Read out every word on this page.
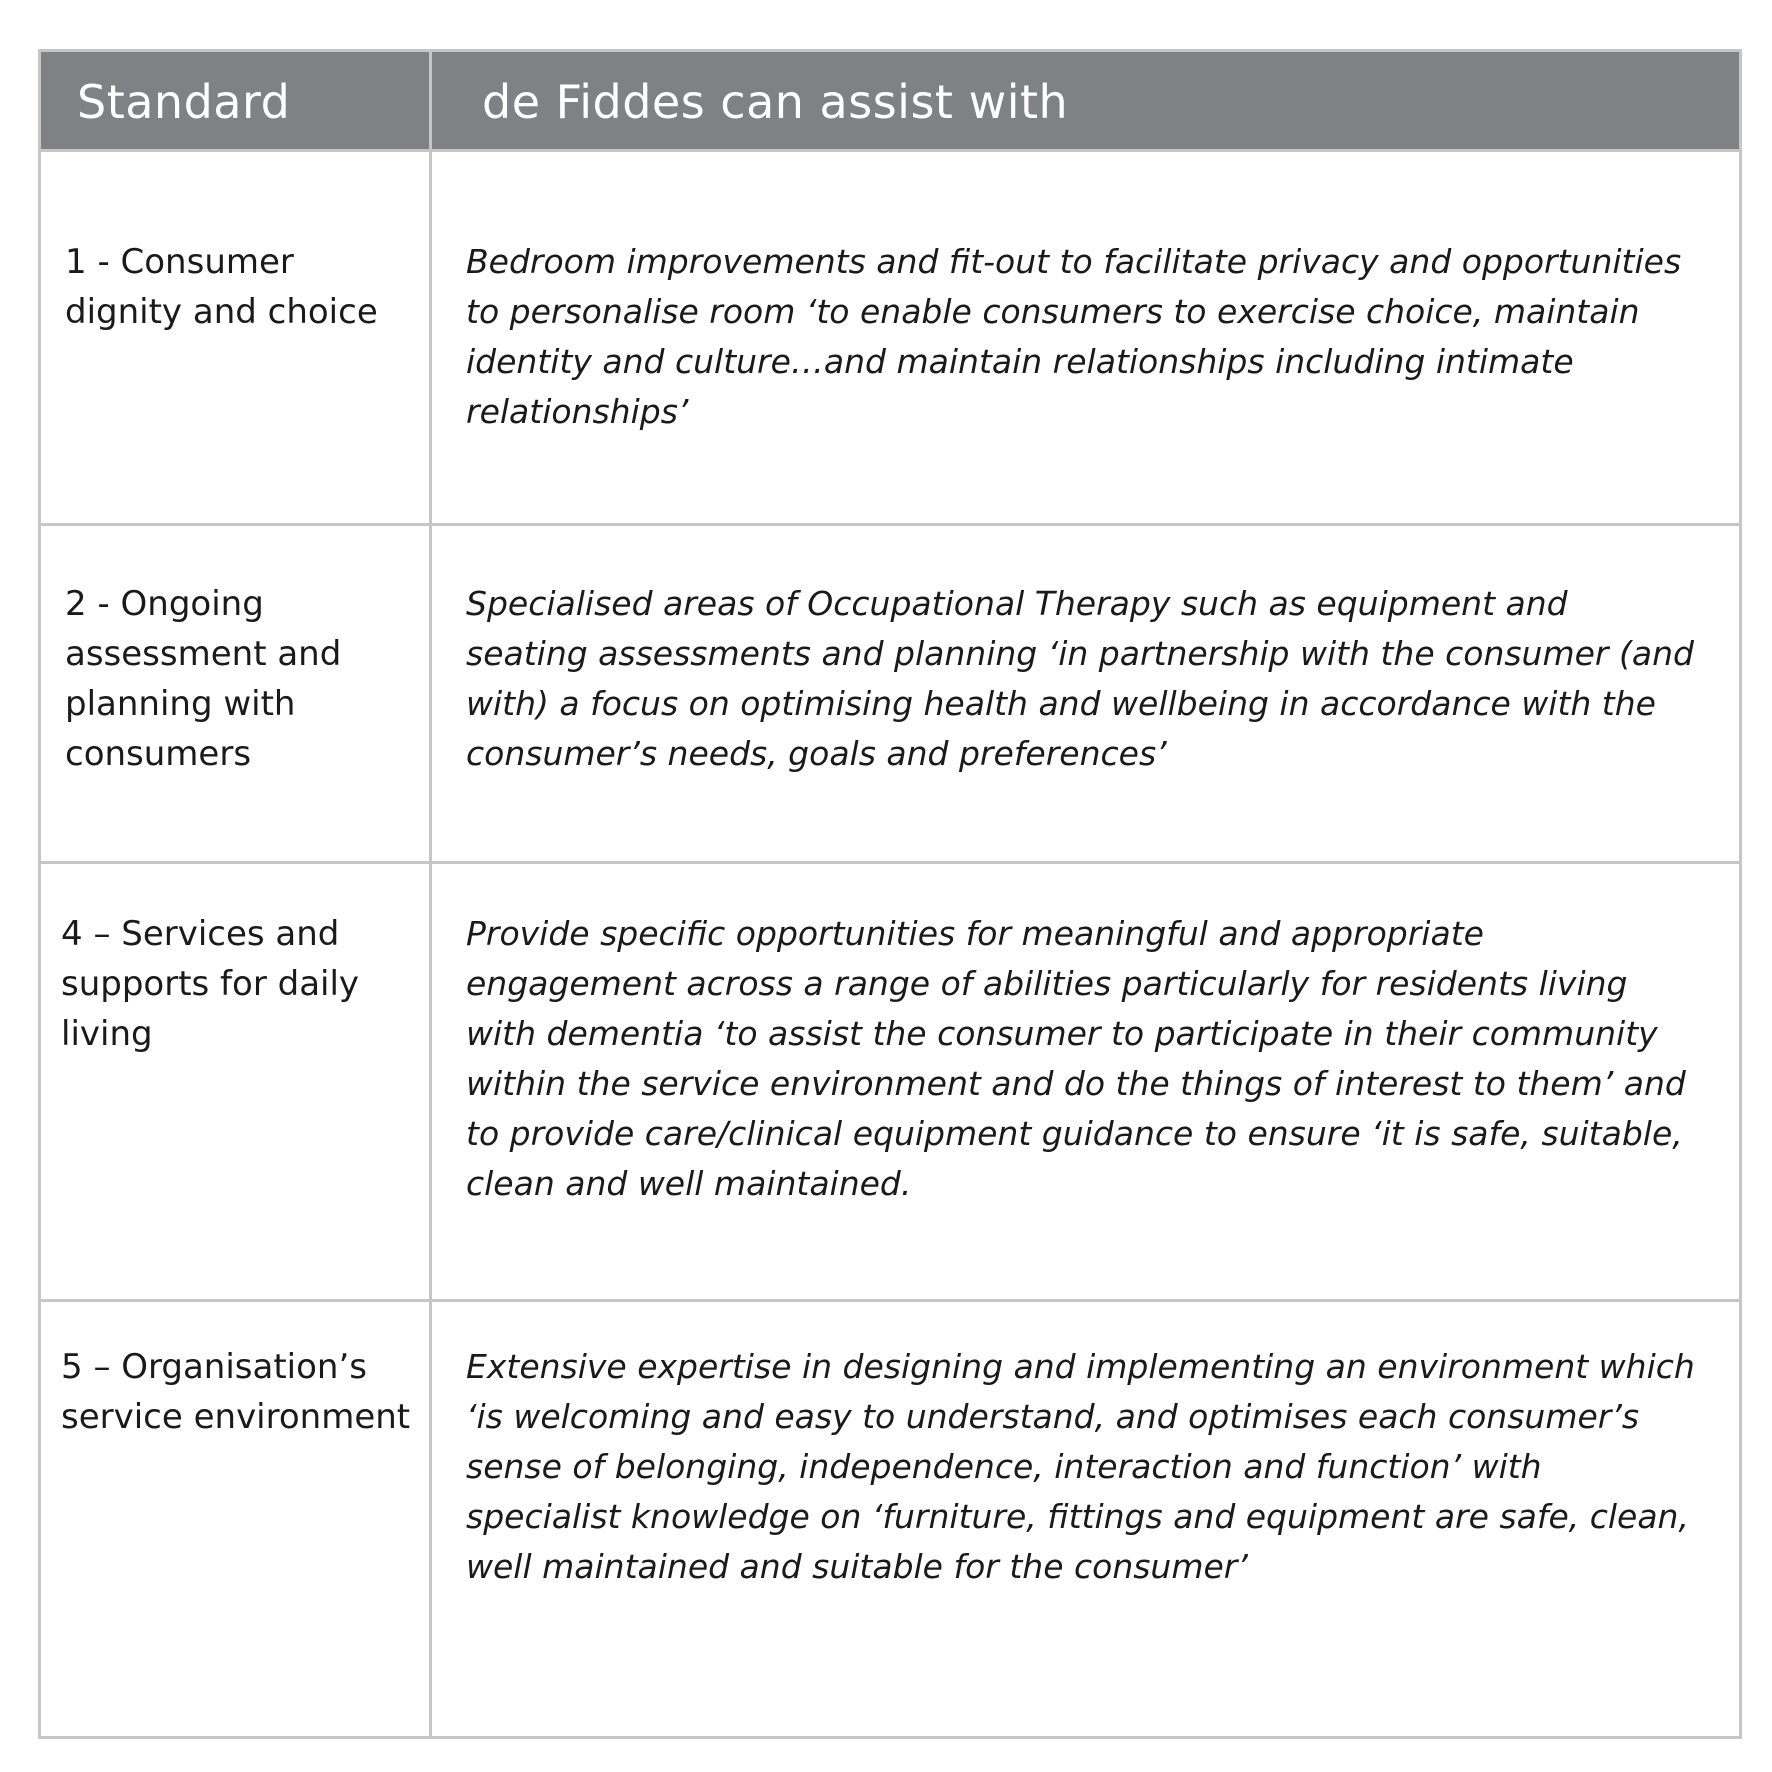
Standard	de Fiddes can assist with
1 - Consumer
dignity and choice
Bedroom improvements and fit-out to facilitate privacy and opportunities
to personalise room ‘to enable consumers to exercise choice, maintain
identity and culture…and maintain relationships including intimate
relationships’
2 - Ongoing
assessment and
planning with
consumers
Specialised areas of Occupational Therapy such as equipment and
seating assessments and planning ‘in partnership with the consumer (and
with) a focus on optimising health and wellbeing in accordance with the
consumer’s needs, goals and preferences’
4 – Services and
supports for daily
living
Provide specific opportunities for meaningful and appropriate
engagement across a range of abilities particularly for residents living
with dementia ‘to assist the consumer to participate in their community
within the service environment and do the things of interest to them’ and
to provide care/clinical equipment guidance to ensure ‘it is safe, suitable,
clean and well maintained.
5 – Organisation’s
service environment
Extensive expertise in designing and implementing an environment which
‘is welcoming and easy to understand, and optimises each consumer’s
sense of belonging, independence, interaction and function’ with
specialist knowledge on ‘furniture, fittings and equipment are safe, clean,
well maintained and suitable for the consumer’
